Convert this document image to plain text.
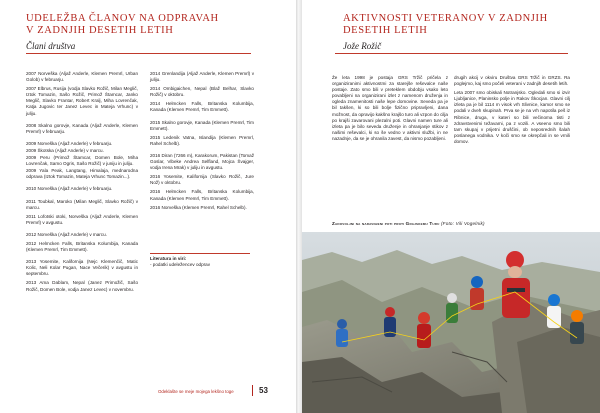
UDELEŽBA ČLANOV NA ODPRAVAH
V ZADNJIH DESETIH LETIH
Člani društva

2007 Norveška (Aljaž Anderle, Klemen Premrl, Urban Golob) v februarju.

2007 Elbrus, Rusija (vodja Slavko Rožič, Milan Meglič, Iztok Tomazin, Sašo Rožič, Primož Štamcar, Janko Meglič, Slavko Frantar, Robert Kralj, Miha Lovrenčak, Katja Jugovic ter Janez Levec in Mateja Vrhunc) v juliju.

2008 Skalno gorovje, Kanada (Aljaž Anderle, Klemen Premrl) v februarju.

2009 Norveška (Aljaž Anderle) v februarju.

2009 Škotska (Aljaž Anderle) v marcu.

2009 Peru (Primož Štamcar, Domen Bole, Miha Lovrenčak, Samo Ogris, Sašo Rožič) v juniju in juliju.

2009 Yala Peak, Langtang, Himalaja, mednarodna odprava (Iztok Tomazin, Mateja Vrhunc Tomazin...).

2010 Norveška (Aljaž Anderle) v februarju.

2011 Toubkal, Maroko (Milan Meglič, Slavko Rožič) v marcu.

2011 Lofotski otoki, Norveška (Aljaž Anderle, Klemen Premrl) v avgustu.

2012 Norveška (Aljaž Anderle) v marcu.

2012 Helmcken Falls, Britanska Kolumbija, Kanada (Klemen Premrl, Tim Emmett).

2013 Yosemite, Kalifornija (Nejc Klemenčič, Matic Kolic, Neli Kolar Pugan, Nace Večerik) v avgustu in septembru.

2013 Ama Dablam, Nepal (Janez Primožič, Sašo Rožič, Domen Bole, vodja Janez Levec) v novembru.

2014 Grenlandija (Aljaž Anderle, Klemen Premrl) v juliju.

2014 Ombigaichen, Nepal (Blaž Belhar, Slavko Rožič) v oktobru.

2014 Helmcken Falls, Britanska Kolumbija, Kanada (Klemen Premrl, Tim Emmett).

2015 Skalno gorovje, Kanada (Klemen Premrl, Tim Emmett).

2015 Ledenik Vatna, Islandija (Klemen Premrl, Rahel Schelb).

2016 Diran (7266 m), Karakorum, Pakistan (Tomaž Goslar, Vibeke Andrea Selfland, Mojca Švajger, vodja Irena Mrak) v juliju in avgustu.

2016 Yosemite, Kalifornija (Slavko Rožič, Jure Nož) v oktobru.

2016 Helmcken Falls, Britanska Kolumbija, Kanada (Klemen Premrl, Tim Emmett).

2016 Norveška (Klemen Premrl, Rahel Schelb).

Literatura in viri:
- podatki udeležencev odprav
Odeklašte se meje mojega lekšno toge	53
AKTIVNOSTI VETERANOV V ZADNJIH
DESETIH LETIH
Jože Rožič

Že leta 1998 je postaja GRS Tržič pričela z organiziranimi aktivnostmi za starejše reševalce naše postaje. Zato smo bili v preteklem obdobju vsako leto povabljeni na organizirani izlet z namenom druženja in ogleda znamenitosti naše lepe domovine. Seveda pa je bil takšen, ki so bili bolje fizično pripravljeni, dana možnost, da opravijo kakšno krajšo turo ali vzpon do cilja po krajši zavarovani plezalni poti. Glavni namen ture ali izleta pa je bilo seveda druženje in ohranjanje stikov z našimi reševalci, ki so še vedno v aktivni službi, in ne nazadnje, da se je ohranila zavest, da nismo pozabljeni.

drugih akcij v okviru Društva GRS Tržič in GRZS. Ra poglejmo, kaj smo počeli veterani v zadnjih desetih letih.

Leta 2007 smo obiskali Notranjsko. Ogledali smo si izvir Ljubljanice, Planinsko polje in Rakov Škocjan. Glavni cilj izleta pa je bil 1114 m visok vrh Slivnice, kamor smo se podali v dveh skupinah. Prva se je na vrh napotila peš iz Ribnice, druga, v kateri so bili večinoma tisti z zdravstvenimi težavami, pa z vozili. A vseeno smo bili tam skupaj v prijetni druščini, ob neposrednih šalah poslanega vodnika. V koči smo se okrepčali in se vrnili domov.

Zadovoljni na naravnjeni poti proti Grajskemu Turu (Foto: Vili Vogelnik)
